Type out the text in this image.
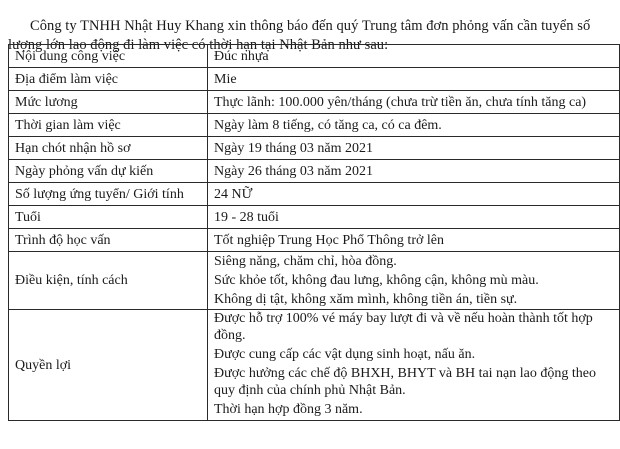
Công ty TNHH Nhật Huy Khang xin thông báo đến quý Trung tâm đơn phỏng vấn cần tuyển số lượng lớn lao động đi làm việc có thời hạn tại Nhật Bản như sau:

Nội dung công việc	Đúc nhựa
Địa điểm làm việc	Mie
Mức lương	Thực lãnh: 100.000 yên/tháng (chưa trừ tiền ăn, chưa tính tăng ca)
Thời gian làm việc	Ngày làm 8 tiếng, có tăng ca, có ca đêm.
Hạn chót nhận hồ sơ	Ngày 19 tháng 03 năm 2021
Ngày phỏng vấn dự kiến	Ngày 26 tháng 03 năm 2021
Số lượng ứng tuyển/ Giới tính	24 NỮ
Tuổi	19 - 28 tuổi
Trình độ học vấn	Tốt nghiệp Trung Học Phổ Thông trở lên
Điều kiện, tính cách	Siêng năng, chăm chỉ, hòa đồng.
Sức khỏe tốt, không đau lưng, không cận, không mù màu.
Không dị tật, không xăm mình, không tiền án, tiền sự.

Quyền lợi	Được hỗ trợ 100% vé máy bay lượt đi và về nếu hoàn thành tốt hợp đồng.
Được cung cấp các vật dụng sinh hoạt, nấu ăn.
Được hưởng các chế độ BHXH, BHYT và BH tai nạn lao động theo quy định của chính phủ Nhật Bản.
Thời hạn hợp đồng 3 năm.
